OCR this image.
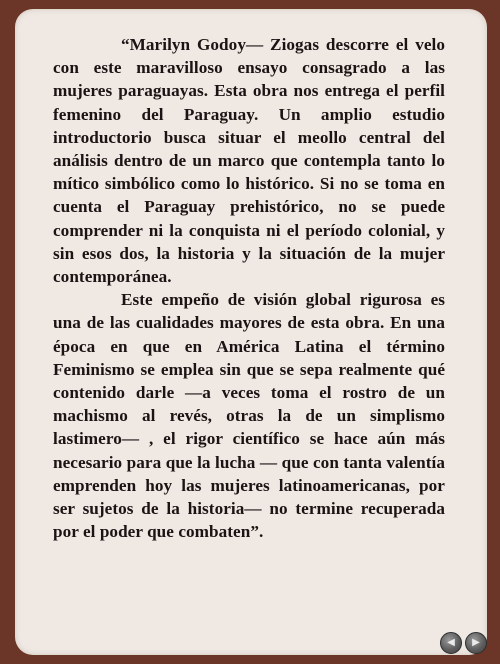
“Marilyn Godoy— Ziogas descorre el velo con este maravilloso ensayo consagrado a las mujeres paraguayas. Esta obra nos entrega el perfil femenino del Paraguay. Un amplio estudio introductorio busca situar el meollo central del análisis dentro de un marco que contempla tanto lo mítico simbólico como lo histórico. Si no se toma en cuenta el Paraguay prehistórico, no se puede comprender ni la conquista ni el período colonial, y sin esos dos, la historia y la situación de la mujer contemporánea.

Este empeño de visión global rigurosa es una de las cualidades mayores de esta obra. En una época en que en América Latina el término Feminismo se emplea sin que se sepa realmente qué contenido darle —a veces toma el rostro de un machismo al revés, otras la de un simplismo lastimero— , el rigor científico se hace aún más necesario para que la lucha — que con tanta valentía emprenden hoy las mujeres latinoamericanas, por ser sujetos de la historia— no termine recuperada por el poder que combaten”.

◀ ▶
